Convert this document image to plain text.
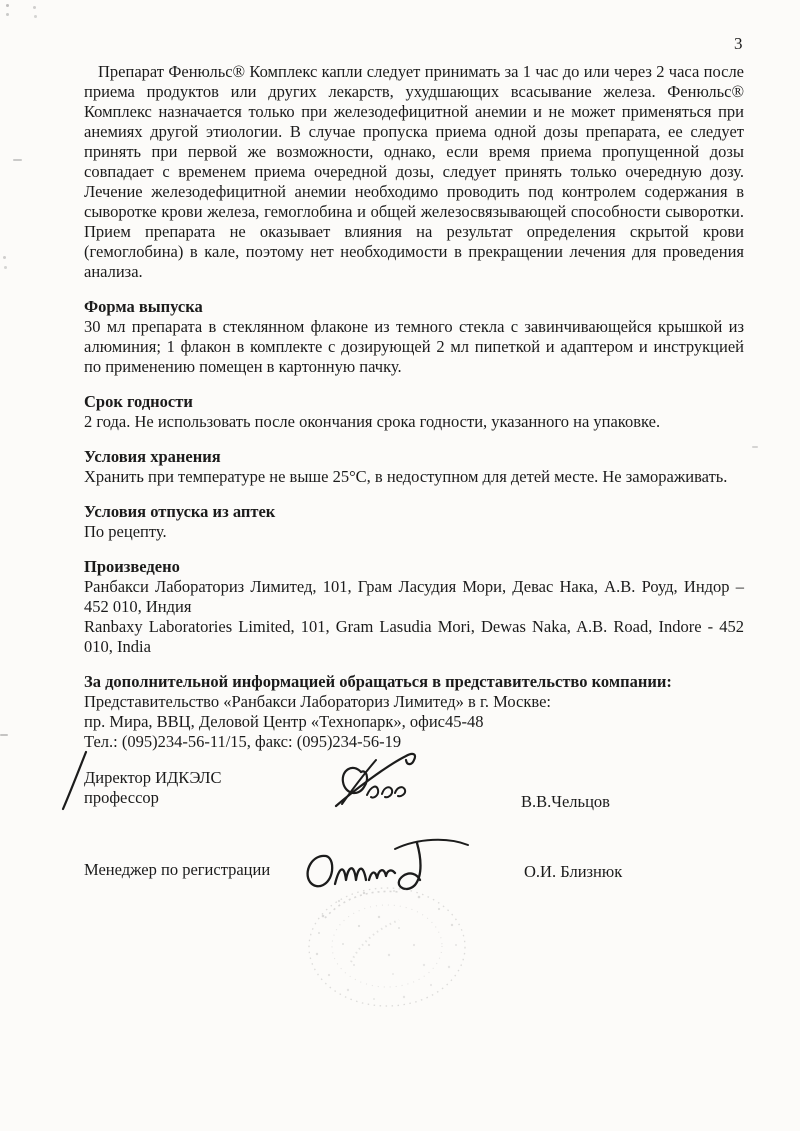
3

Препарат Фенюльс® Комплекс капли следует принимать за 1 час до или через 2 часа после приема продуктов или других лекарств, ухудшающих всасывание железа. Фенюльс® Комплекс назначается только при железодефицитной анемии и не может применяться при анемиях другой этиологии. В случае пропуска приема одной дозы препарата, ее следует принять при первой же возможности, однако, если время приема пропущенной дозы совпадает с временем приема очередной дозы, следует принять только очередную дозу. Лечение железодефицитной анемии необходимо проводить под контролем содержания в сыворотке крови железа, гемоглобина и общей железосвязывающей способности сыворотки. Прием препарата не оказывает влияния на результат определения скрытой крови (гемоглобина) в кале, поэтому нет необходимости в прекращении лечения для проведения анализа.

Форма выпуска

30 мл препарата в стеклянном флаконе из темного стекла с завинчивающейся крышкой из алюминия; 1 флакон в комплекте с дозирующей 2 мл пипеткой и адаптером и инструкцией по применению помещен в картонную пачку.

Срок годности

2 года. Не использовать после окончания срока годности, указанного на упаковке.

Условия хранения

Хранить при температуре не выше 25°С, в недоступном для детей месте. Не замораживать.

Условия отпуска из аптек

По рецепту.

Произведено

Ранбакси Лабораториз Лимитед, 101, Грам Ласудия Мори, Девас Нака, А.В. Роуд, Индор – 452 010, Индия

Ranbaxy Laboratories Limited, 101, Gram Lasudia Mori, Dewas Naka, A.B. Road, Indore - 452 010, India

За дополнительной информацией обращаться в представительство компании:

Представительство «Ранбакси Лабораториз Лимитед» в г. Москве:

пр. Мира, ВВЦ, Деловой Центр «Технопарк», офис45-48

Тел.: (095)234-56-11/15, факс: (095)234-56-19

Директор ИДКЭЛС
профессор	В.В.Чельцов
Менеджер по регистрации	О.И. Близнюк
